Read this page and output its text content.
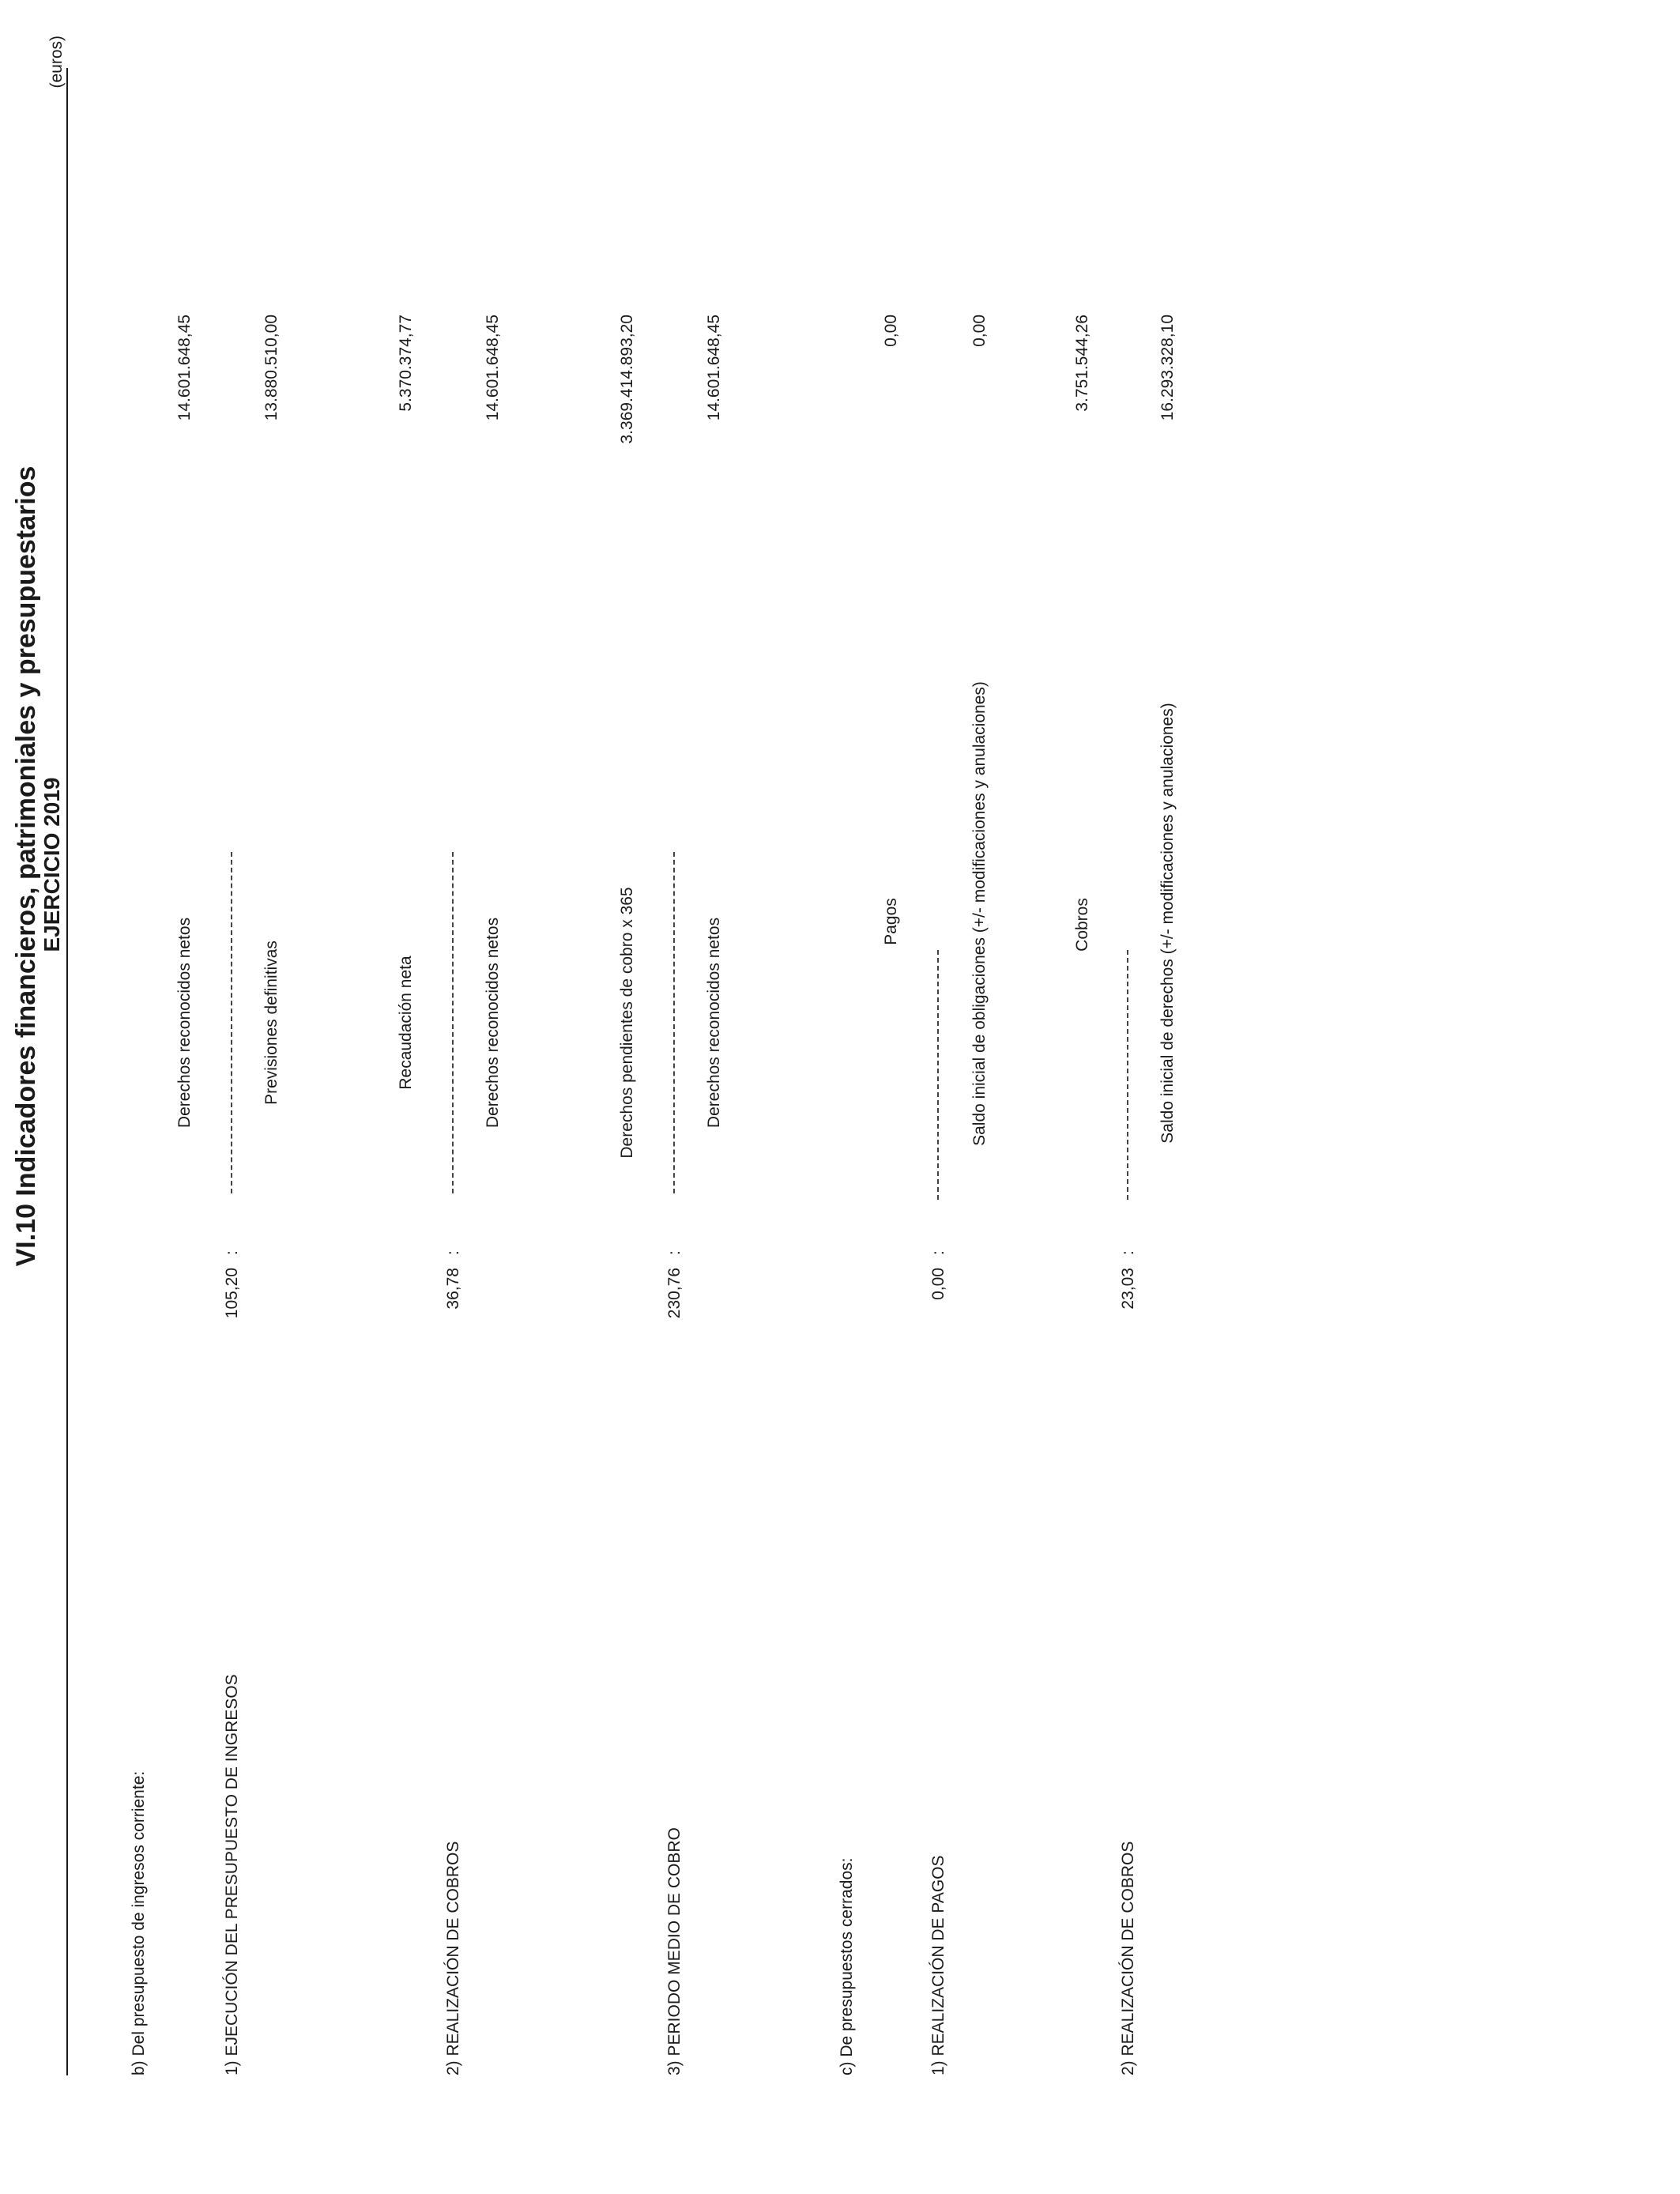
VI.10 Indicadores financieros, patrimoniales y presupuestarios
EJERCICIO 2019
(euros)
b) Del presupuesto de ingresos corriente:	1) EJECUCIÓN DEL PRESUPUESTO DE INGRESOS
105,20
:
Derechos reconocidos netos	Previsiones definitivas
14.601.648,45	13.880.510,00
2) REALIZACIÓN DE COBROS
36,78
:
Recaudación neta	Derechos reconocidos netos
5.370.374,77	14.601.648,45
3) PERIODO MEDIO DE COBRO
230,76
:
Derechos pendientes de cobro x 365	Derechos reconocidos netos
3.369.414.893,20	14.601.648,45
c) De presupuestos cerrados:	1) REALIZACIÓN DE PAGOS
0,00
:
Pagos	Saldo inicial de obligaciones (+/- modificaciones y anulaciones)
0,00	0,00
2) REALIZACIÓN DE COBROS
23,03
:
Cobros	Saldo inicial de derechos (+/- modificaciones y anulaciones)
3.751.544,26	16.293.328,10
